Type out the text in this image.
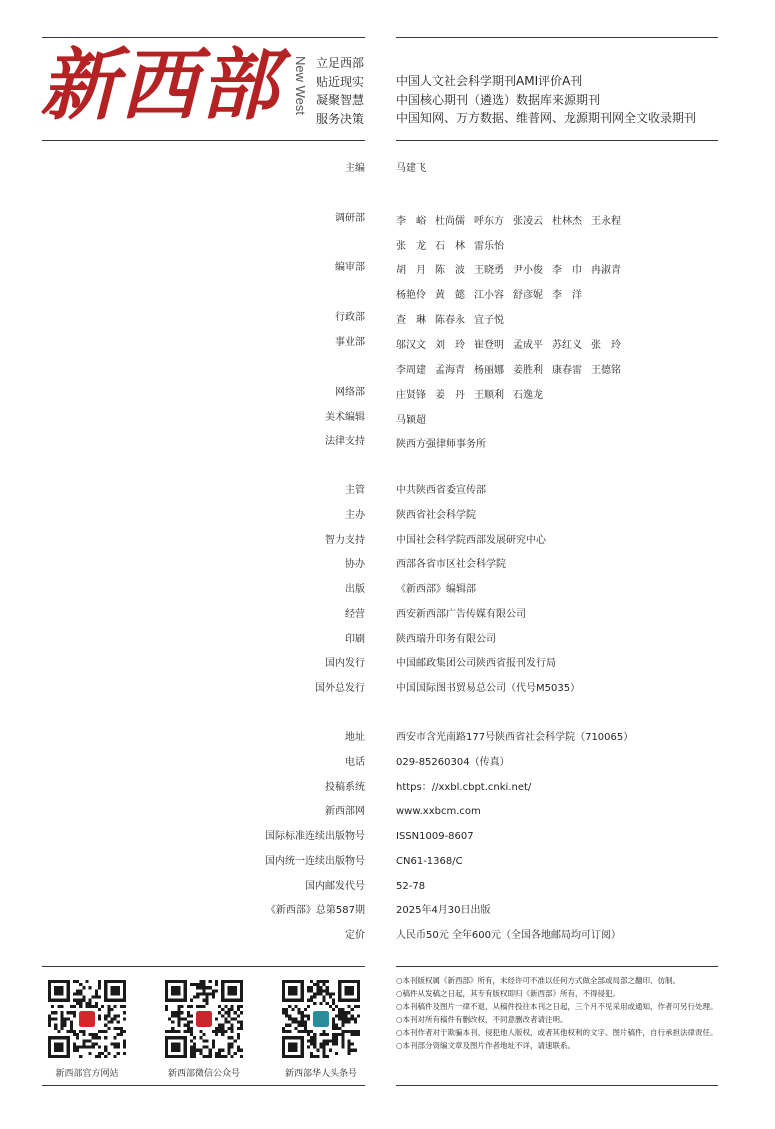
新西部 New West 立足西部
贴近现实
凝聚智慧
服务决策
中国人文社会科学期刊AMI评价A刊
中国核心期刊（遴选）数据库来源期刊
中国知网、万方数据、维普网、龙源期刊网全文收录期刊
主编	马建飞
调研部	李　峪 杜尚儒 呼东方 张凌云 杜林杰 王永程
张　龙 石　林 雷乐怡
编审部	胡　月 陈　波 王晓勇 尹小俊 李　巾 冉淑青
杨艳伶 黄　懿 江小容 舒彦妮 李　洋
行政部	查　琳 陈春永 宜子悦
事业部	邬汉文 刘　玲 崔登明 孟成平 苏红义 张　玲
李周建 孟海青 杨丽娜 姜胜利 康春雷 王德铭
网络部	庄贤锋 姜　丹 王顺利 石逸龙
美术编辑	马颖超
法律支持	陕西方强律师事务所
主管	中共陕西省委宣传部
主办	陕西省社会科学院
智力支持	中国社会科学院西部发展研究中心
协办	西部各省市区社会科学院
出版	《新西部》编辑部
经营	西安新西部广告传媒有限公司
印刷	陕西瑞升印务有限公司
国内发行	中国邮政集团公司陕西省报刊发行局
国外总发行	中国国际图书贸易总公司（代号M5035）
地址	西安市含光南路177号陕西省社会科学院（710065）
电话	029-85260304（传真）
投稿系统	https：//xxbl.cbpt.cnki.net/
新西部网	www.xxbcm.com
国际标准连续出版物号	ISSN1009-8607
国内统一连续出版物号	CN61-1368/C
国内邮发代号	52-78
《新西部》总第587期	2025年4月30日出版
定价	人民币50元 全年600元（全国各地邮局均可订阅）
新西部官方网站	新西部微信公众号	新西部华人头条号
○本刊版权属《新西部》所有，未经许可不准以任何方式做全部或局部之翻印、仿制。
○稿件从发稿之日起，其专有版权即归《新西部》所有，不得侵犯。
○本刊稿件及图片一律不退，从稿件投往本刊之日起，三个月不见采用或通知，作者可另行处理。
○本刊对所有稿件有删改权，不同意删改者请注明。
○本刊作者对于欺骗本刊、侵犯他人版权，或者其他权利的文字、图片稿件，自行承担法律责任。
○本刊部分资编文章及图片作者地址不详，请速联系。
